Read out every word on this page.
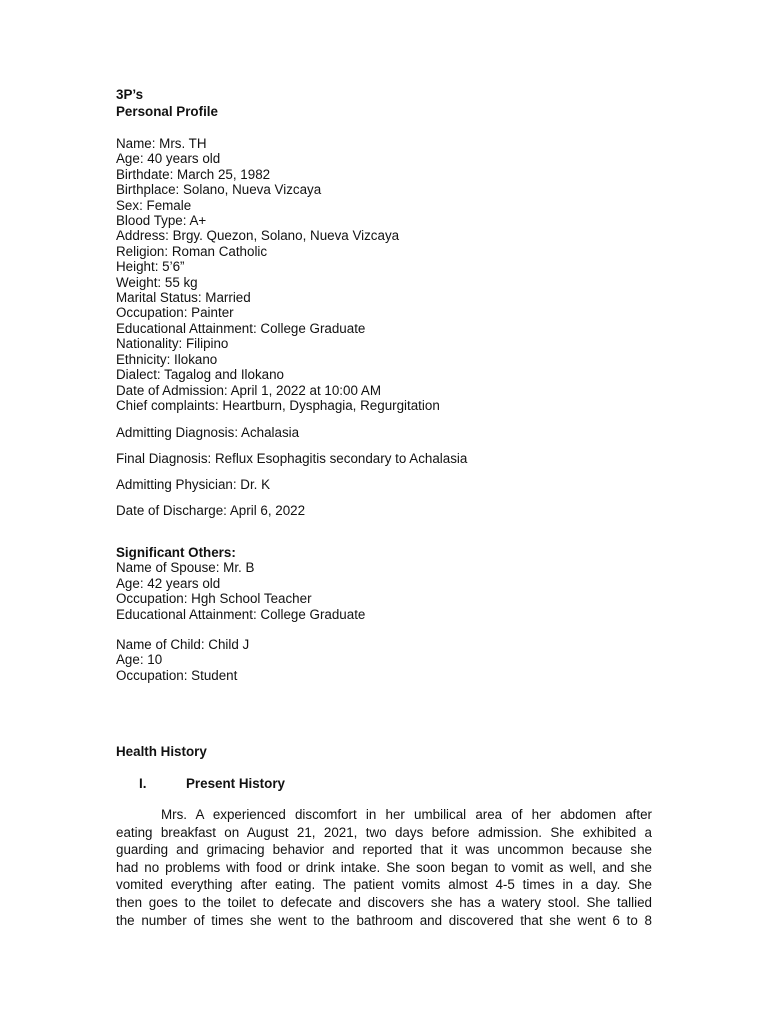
3P’s
Personal Profile
Name: Mrs. TH
Age: 40 years old
Birthdate: March 25, 1982
Birthplace: Solano, Nueva Vizcaya
Sex: Female
Blood Type: A+
Address: Brgy. Quezon, Solano, Nueva Vizcaya
Religion: Roman Catholic
Height: 5’6”
Weight: 55 kg
Marital Status: Married
Occupation: Painter
Educational Attainment: College Graduate
Nationality: Filipino
Ethnicity: Ilokano
Dialect: Tagalog and Ilokano
Date of Admission: April 1, 2022 at 10:00 AM
Chief complaints: Heartburn, Dysphagia, Regurgitation
Admitting Diagnosis: Achalasia
Final Diagnosis: Reflux Esophagitis secondary to Achalasia
Admitting Physician: Dr. K
Date of Discharge: April 6, 2022
Significant Others:
Name of Spouse: Mr. B
Age: 42 years old
Occupation: Hgh School Teacher
Educational Attainment: College Graduate
Name of Child: Child J
Age: 10
Occupation: Student
Health History
I.	Present History
Mrs. A experienced discomfort in her umbilical area of her abdomen after
eating breakfast on August 21, 2021, two days before admission. She exhibited a
guarding and grimacing behavior and reported that it was uncommon because she
had no problems with food or drink intake. She soon began to vomit as well, and she
vomited everything after eating. The patient vomits almost 4-5 times in a day. She
then goes to the toilet to defecate and discovers she has a watery stool. She tallied
the number of times she went to the bathroom and discovered that she went 6 to 8
